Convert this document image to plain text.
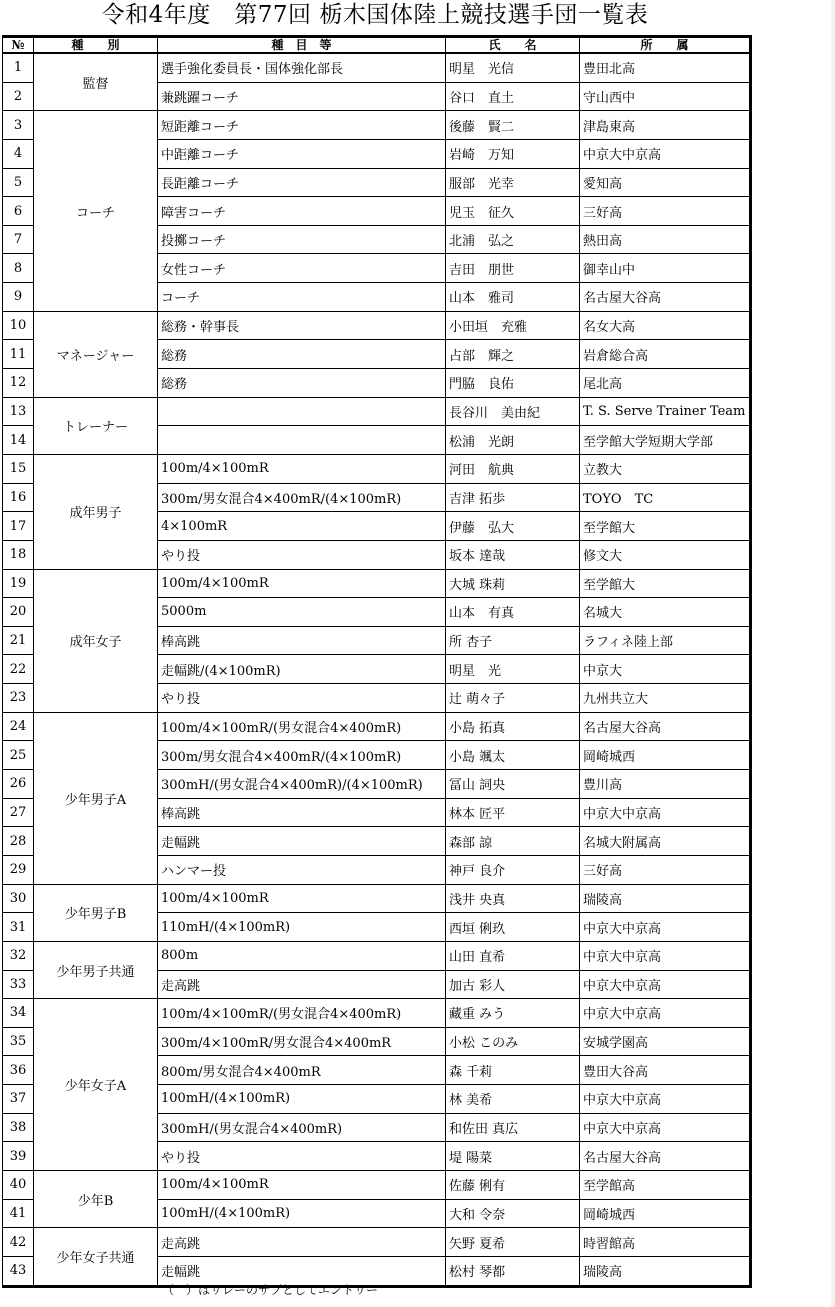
令和4年度　第77回 栃木国体陸上競技選手団一覧表
№	種　　別	種　目　等	氏　　名	所　　属
1	監督	選手強化委員長・国体強化部長	明星　光信	豊田北高
2		兼跳躍コーチ	谷口　直土	守山西中
3	コーチ	短距離コーチ	後藤　賢二	津島東高
4		中距離コーチ	岩崎　万知	中京大中京高
5		長距離コーチ	服部　光幸	愛知高
6		障害コーチ	児玉　征久	三好高
7		投擲コーチ	北浦　弘之	熱田高
8		女性コーチ	吉田　朋世	御幸山中
9		コーチ	山本　雅司	名古屋大谷高
10	マネージャー	総務・幹事長	小田垣　充雅	名女大高
11		総務	占部　輝之	岩倉総合高
12		総務	門脇　良佑	尾北高
13	トレーナー		長谷川　美由紀	T. S. Serve Trainer Team
14			松浦　光朗	至学館大学短期大学部
15	成年男子	100m/4×100mR	河田　航典	立教大
16		300m/男女混合4×400mR/(4×100mR)	吉津 拓歩	TOYO　TC
17		4×100mR	伊藤　弘大	至学館大
18		やり投	坂本 達哉	修文大
19	成年女子	100m/4×100mR	大城 珠莉	至学館大
20		5000m	山本　有真	名城大
21		棒高跳	所 杏子	ラフィネ陸上部
22		走幅跳/(4×100mR)	明星　光	中京大
23		やり投	辻 萌々子	九州共立大
24	少年男子A	100m/4×100mR/(男女混合4×400mR)	小島 拓真	名古屋大谷高
25		300m/男女混合4×400mR/(4×100mR)	小島 颯太	岡崎城西
26		300mH/(男女混合4×400mR)/(4×100mR)	冨山 詞央	豊川高
27		棒高跳	林本 匠平	中京大中京高
28		走幅跳	森部 諒	名城大附属高
29		ハンマー投	神戸 良介	三好高
30	少年男子B	100m/4×100mR	浅井 央真	瑞陵高
31		110mH/(4×100mR)	西垣 俐玖	中京大中京高
32	少年男子共通	800m	山田 直希	中京大中京高
33		走高跳	加古 彩人	中京大中京高
34	少年女子A	100m/4×100mR/(男女混合4×400mR)	藏重 みう	中京大中京高
35		300m/4×100mR/男女混合4×400mR	小松 このみ	安城学園高
36		800m/男女混合4×400mR	森 千莉	豊田大谷高
37		100mH/(4×100mR)	林 美希	中京大中京高
38		300mH/(男女混合4×400mR)	和佐田 真広	中京大中京高
39		やり投	堤 陽菜	名古屋大谷高
40	少年B	100m/4×100mR	佐藤 俐有	至学館高
41		100mH/(4×100mR)	大和 令奈	岡崎城西
42	少年女子共通	走高跳	矢野 夏希	時習館高
43		走幅跳	松村 琴都	瑞陵高
（　）はリレーのサブとしてエントリー
